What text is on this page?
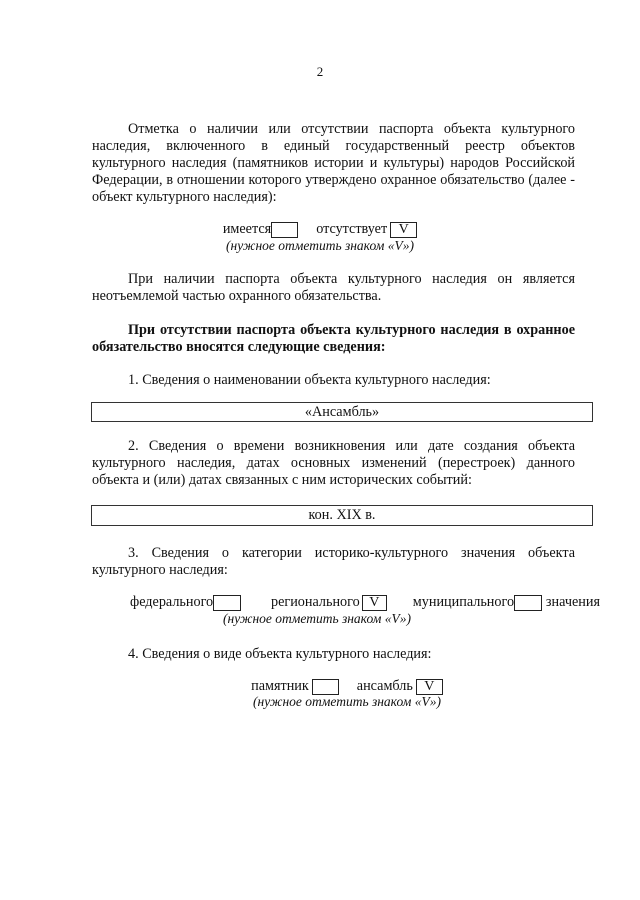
2

Отметка о наличии или отсутствии паспорта объекта культурного наследия, включенного в единый государственный реестр объектов культурного наследия (памятников истории и культуры) народов Российской Федерации, в отношении которого утверждено охранное обязательство (далее - объект культурного наследия):

имеется	отсутствует V
(нужное отметить знаком «V»)

При наличии паспорта объекта культурного наследия он является неотъемлемой частью охранного обязательства.

При отсутствии паспорта объекта культурного наследия в охранное обязательство вносятся следующие сведения:

1. Сведения о наименовании объекта культурного наследия:

«Ансамбль»

2. Сведения о времени возникновения или дате создания объекта культурного наследия, датах основных изменений (перестроек) данного объекта и (или) датах связанных с ним исторических событий:

кон. XIX в.

3. Сведения о категории историко-культурного значения объекта культурного наследия:

федерального	регионального V	муниципального значения
(нужное отметить знаком «V»)

4. Сведения о виде объекта культурного наследия:

памятник	ансамбль V
(нужное отметить знаком «V»)
